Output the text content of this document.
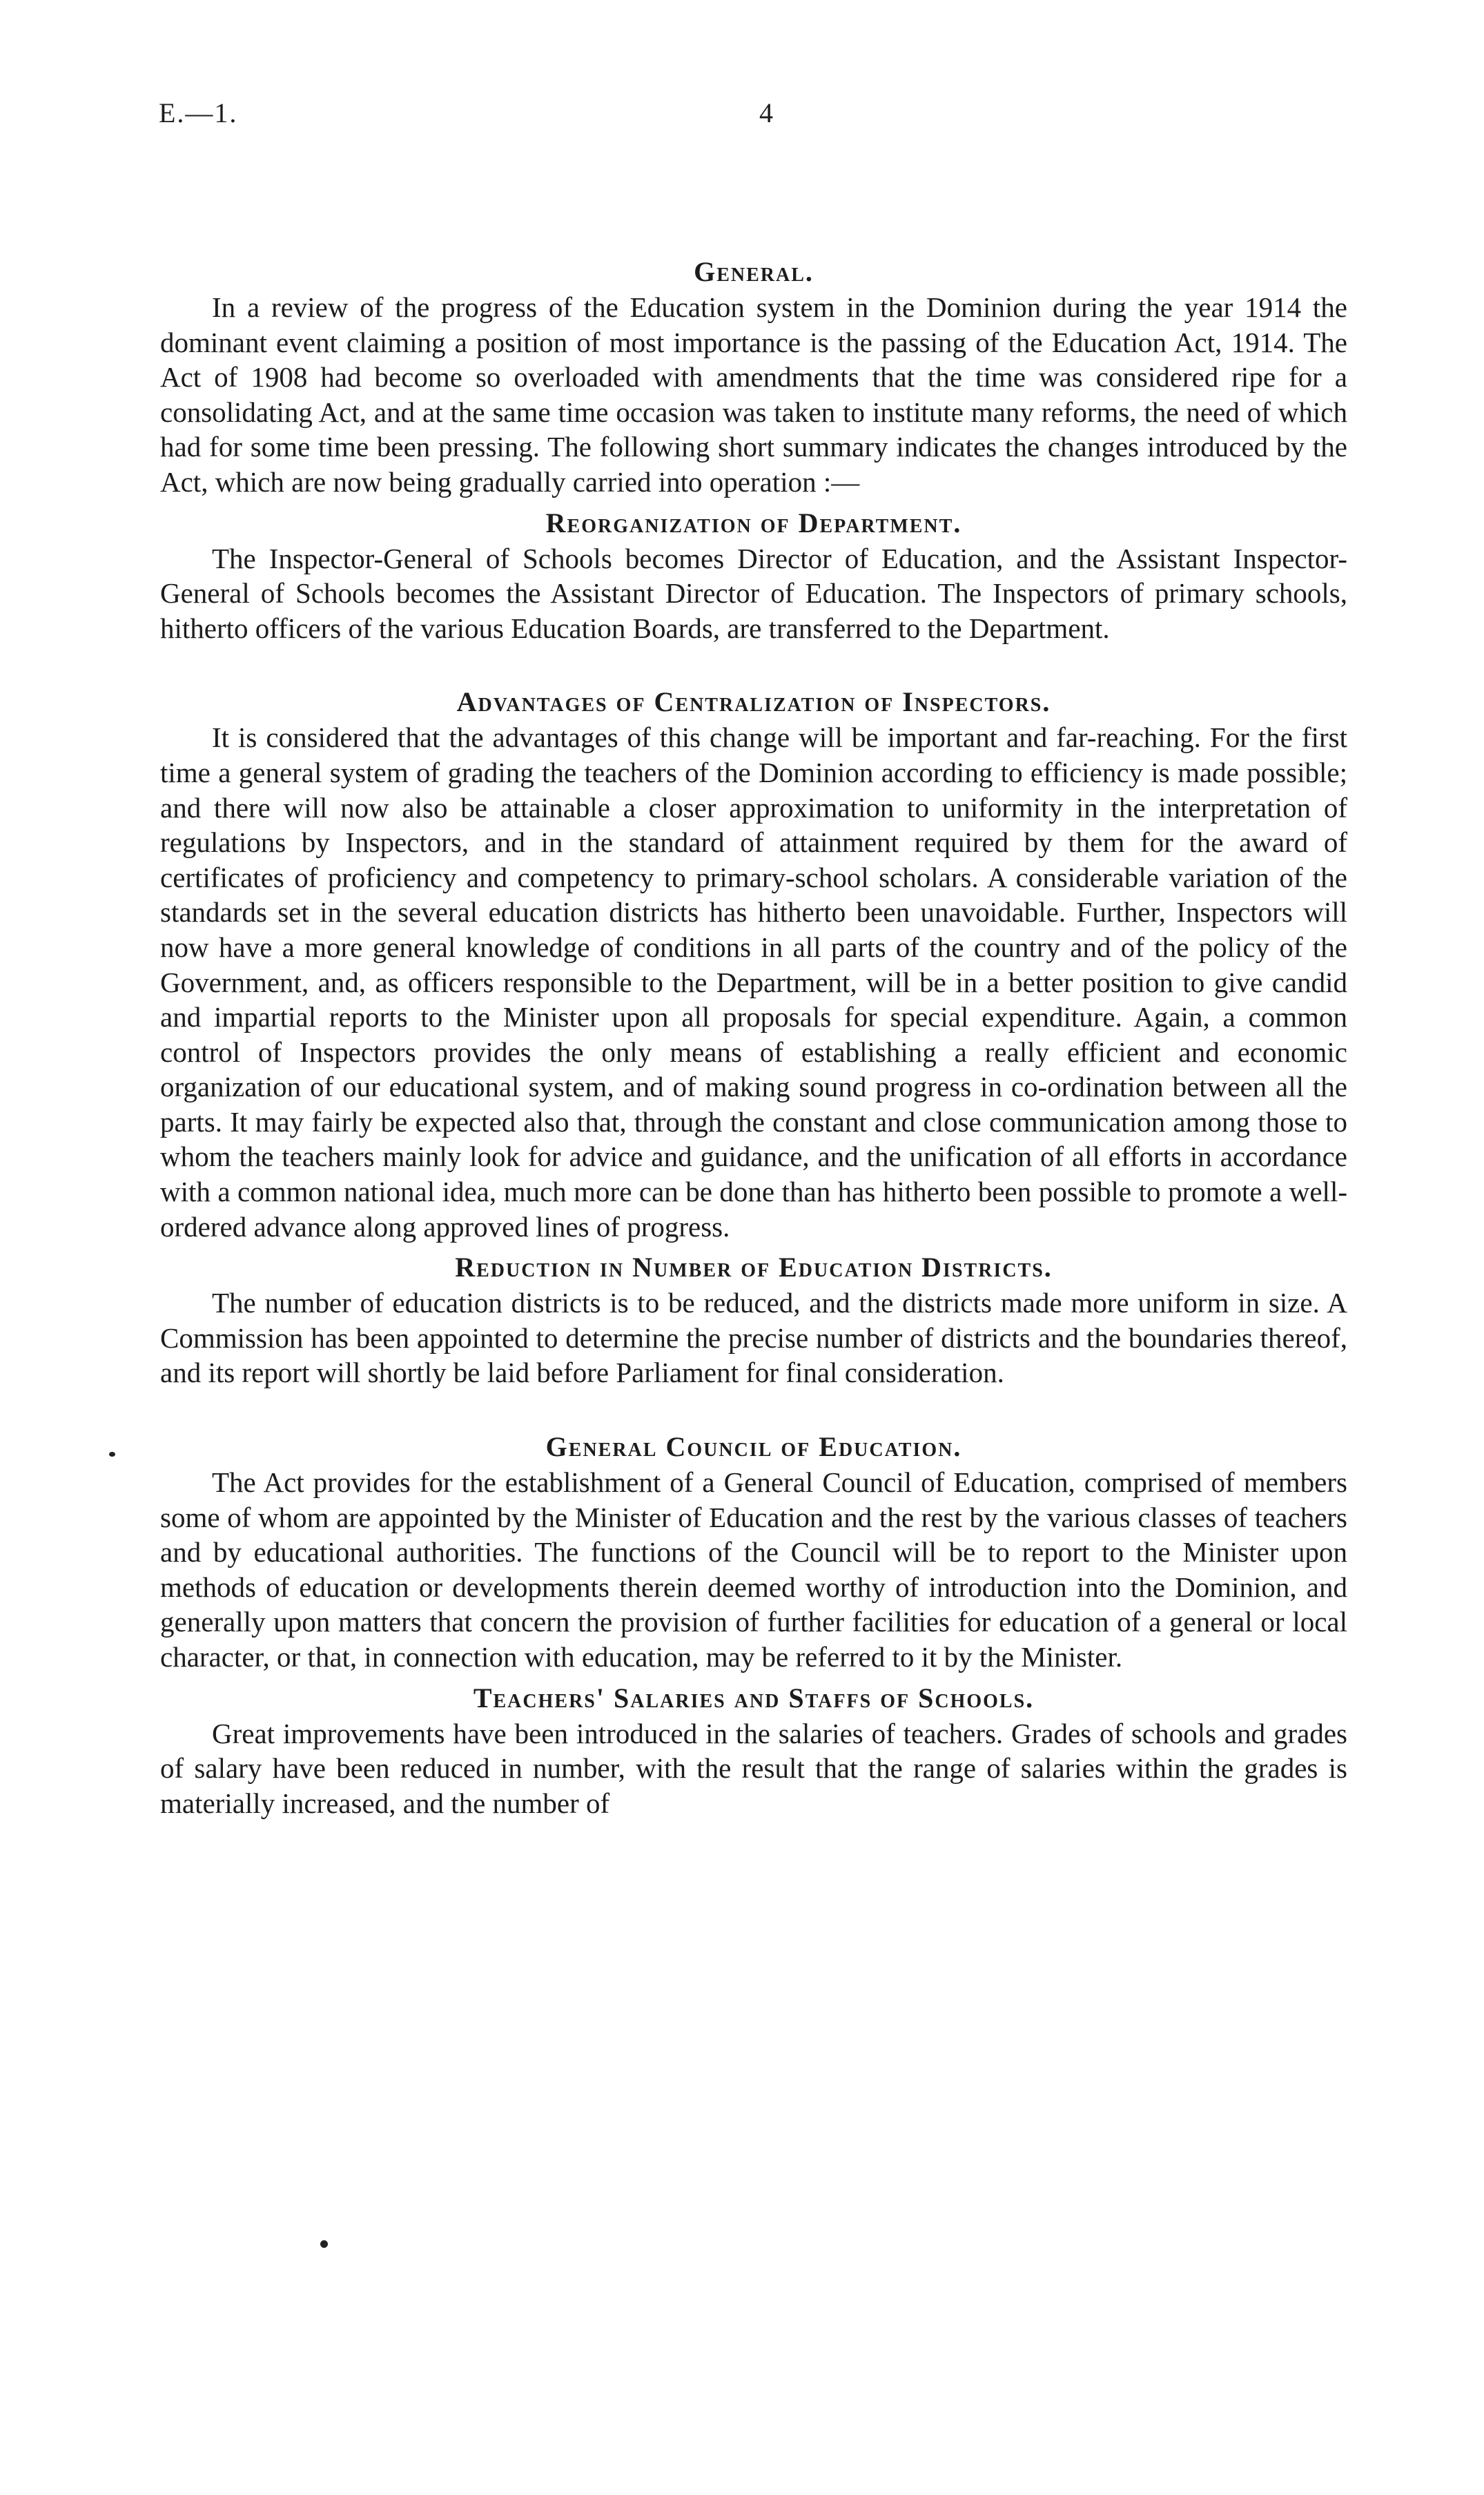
E.—1.	4
General.

In a review of the progress of the Education system in the Dominion during the year 1914 the dominant event claiming a position of most importance is the passing of the Education Act, 1914. The Act of 1908 had become so overloaded with amendments that the time was considered ripe for a consolidating Act, and at the same time occasion was taken to institute many reforms, the need of which had for some time been pressing. The following short summary indicates the changes introduced by the Act, which are now being gradually carried into operation :—

Reorganization of Department.

The Inspector-General of Schools becomes Director of Education, and the Assistant Inspector-General of Schools becomes the Assistant Director of Education. The Inspectors of primary schools, hitherto officers of the various Education Boards, are transferred to the Department.

Advantages of Centralization of Inspectors.

It is considered that the advantages of this change will be important and far-reaching. For the first time a general system of grading the teachers of the Dominion according to efficiency is made possible; and there will now also be attainable a closer approximation to uniformity in the interpretation of regulations by Inspectors, and in the standard of attainment required by them for the award of certificates of proficiency and competency to primary-school scholars. A considerable variation of the standards set in the several education districts has hitherto been unavoidable. Further, Inspectors will now have a more general knowledge of conditions in all parts of the country and of the policy of the Government, and, as officers responsible to the Department, will be in a better position to give candid and impartial reports to the Minister upon all proposals for special expenditure. Again, a common control of Inspectors provides the only means of establishing a really efficient and economic organization of our educational system, and of making sound progress in co-ordination between all the parts. It may fairly be expected also that, through the constant and close communication among those to whom the teachers mainly look for advice and guidance, and the unification of all efforts in accordance with a common national idea, much more can be done than has hitherto been possible to promote a well-ordered advance along approved lines of progress.

Reduction in Number of Education Districts.

The number of education districts is to be reduced, and the districts made more uniform in size. A Commission has been appointed to determine the precise number of districts and the boundaries thereof, and its report will shortly be laid before Parliament for final consideration.

General Council of Education.

The Act provides for the establishment of a General Council of Education, comprised of members some of whom are appointed by the Minister of Education and the rest by the various classes of teachers and by educational authorities. The functions of the Council will be to report to the Minister upon methods of education or developments therein deemed worthy of introduction into the Dominion, and generally upon matters that concern the provision of further facilities for education of a general or local character, or that, in connection with education, may be referred to it by the Minister.

Teachers' Salaries and Staffs of Schools.

Great improvements have been introduced in the salaries of teachers. Grades of schools and grades of salary have been reduced in number, with the result that the range of salaries within the grades is materially increased, and the number of
